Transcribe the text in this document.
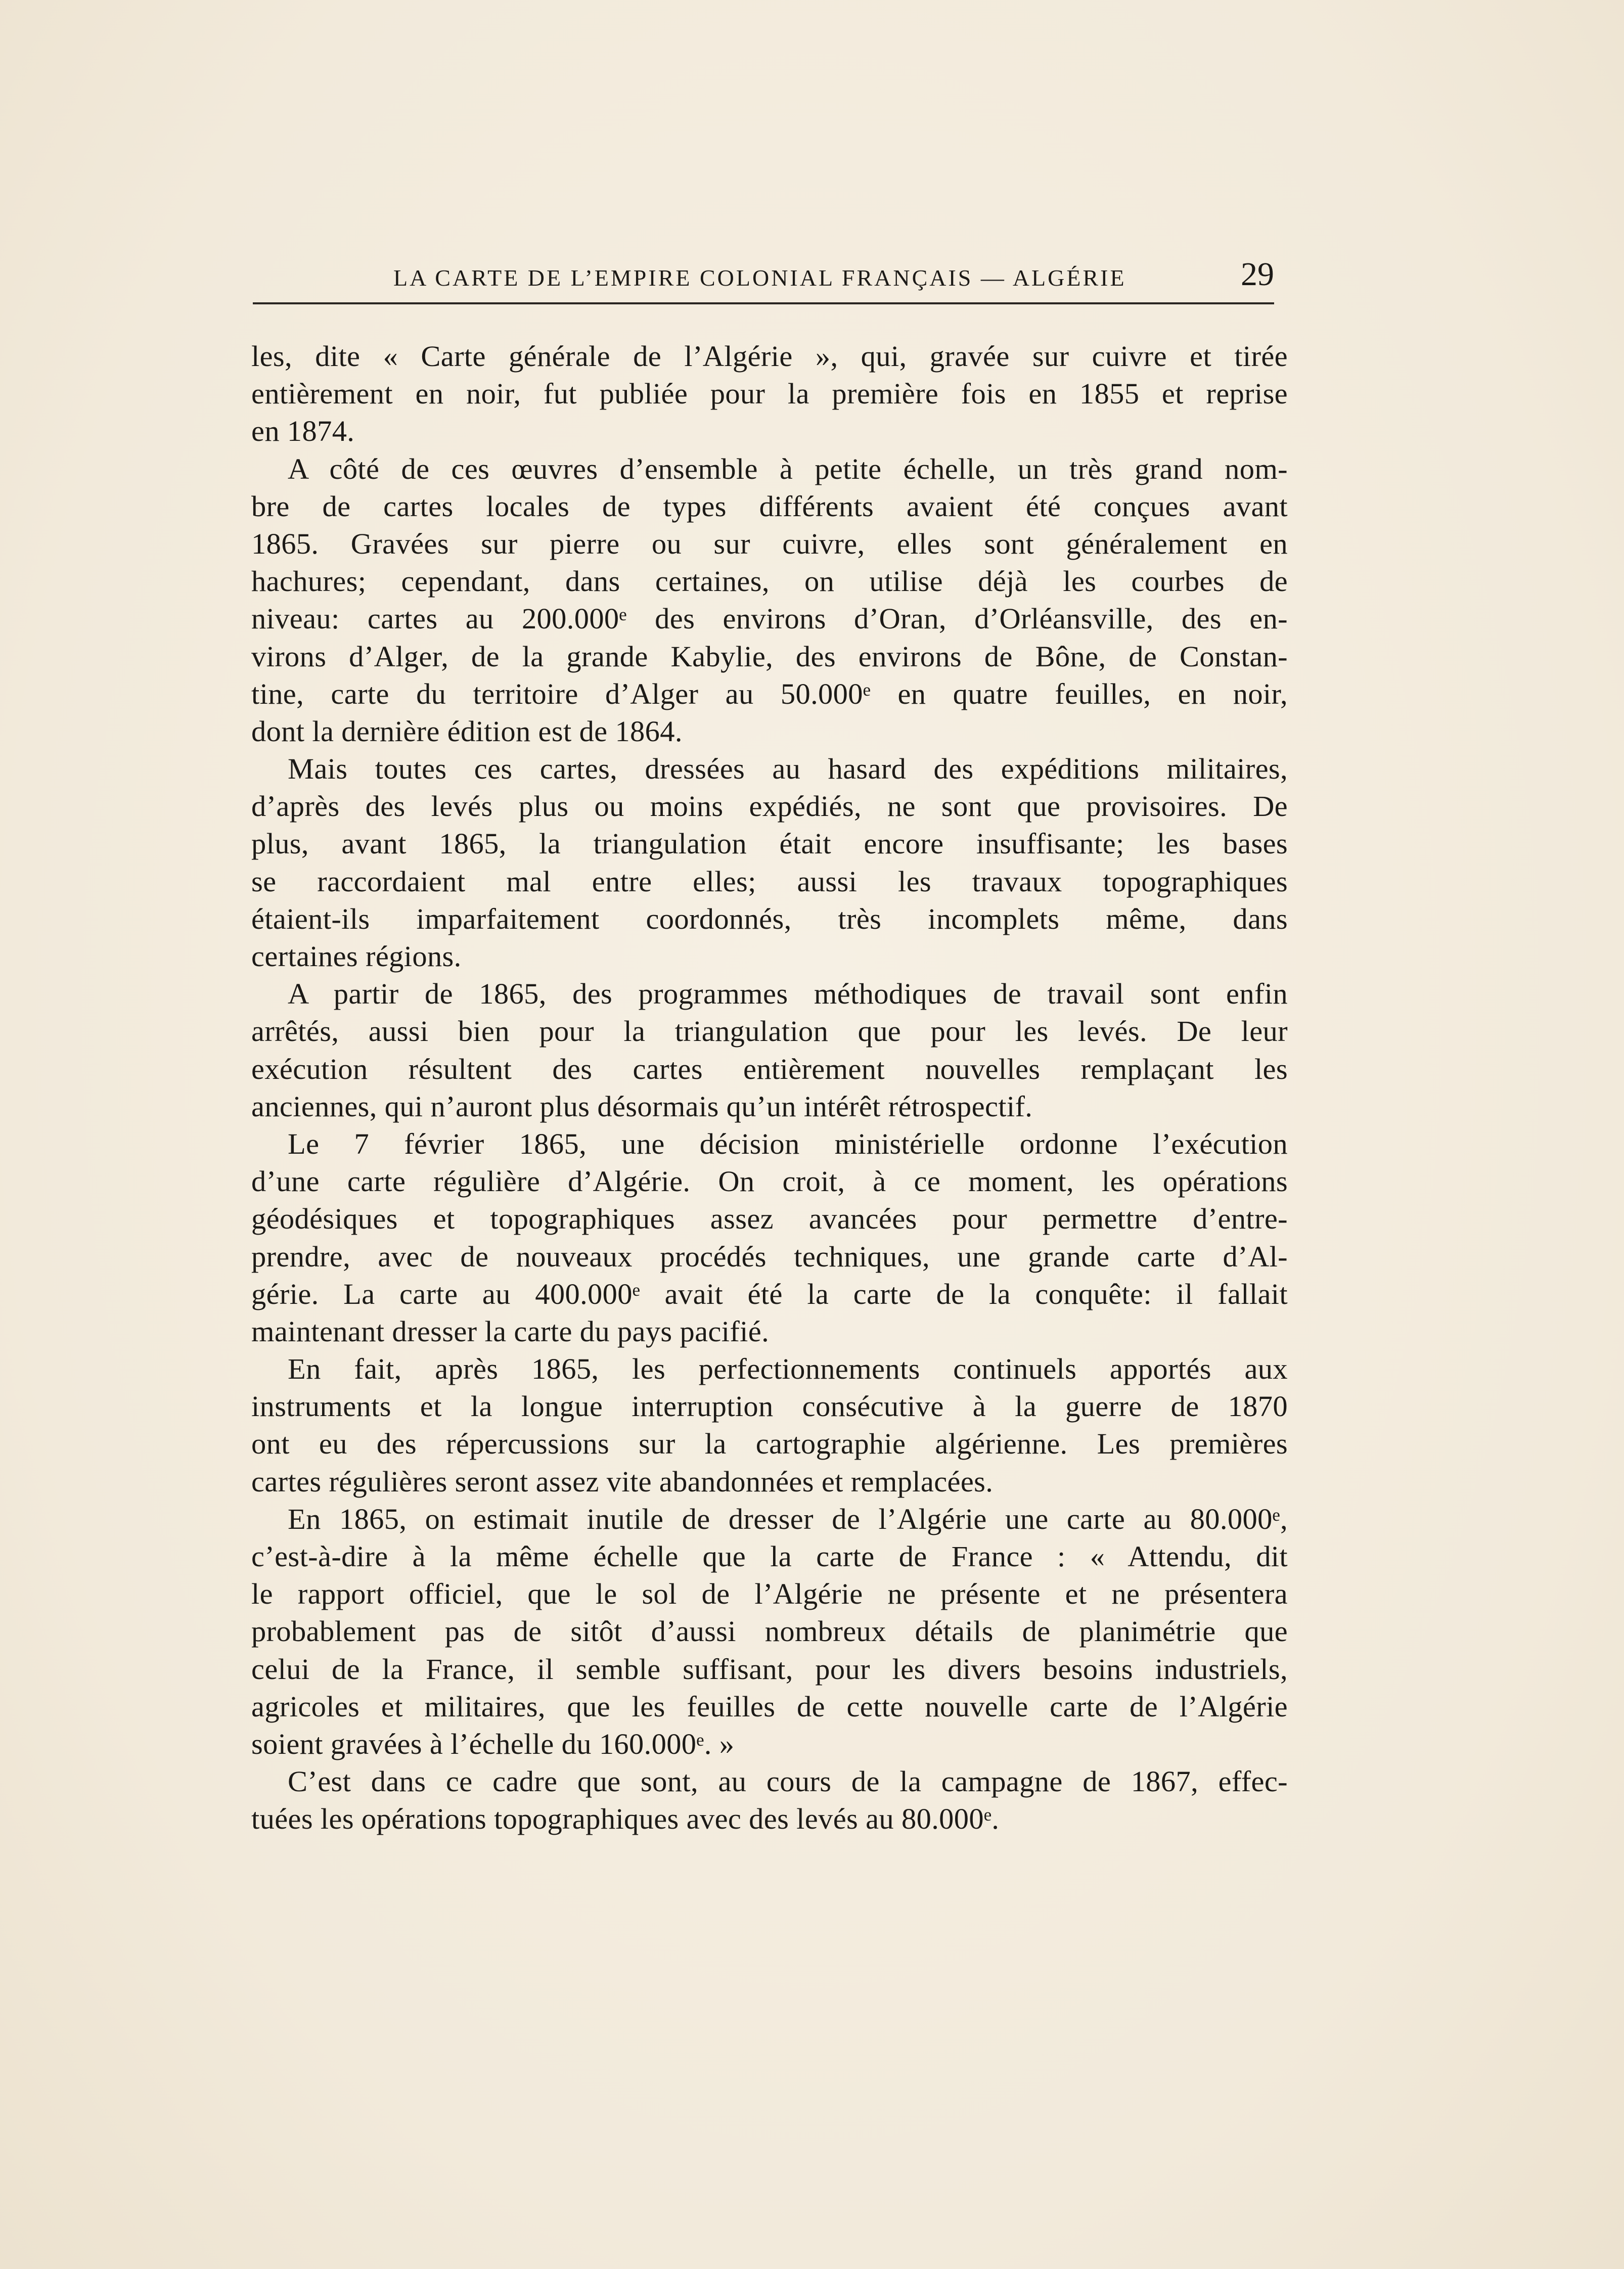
LA CARTE DE L’EMPIRE COLONIAL FRANÇAIS — ALGÉRIE	29
les, dite « Carte générale de l’Algérie », qui, gravée sur cuivre et tirée
entièrement en noir, fut publiée pour la première fois en 1855 et reprise
en 1874.
A côté de ces œuvres d’ensemble à petite échelle, un très grand nom-
bre de cartes locales de types différents avaient été conçues avant
1865. Gravées sur pierre ou sur cuivre, elles sont généralement en
hachures; cependant, dans certaines, on utilise déjà les courbes de
niveau: cartes au 200.000ᵉ des environs d’Oran, d’Orléansville, des en-
virons d’Alger, de la grande Kabylie, des environs de Bône, de Constan-
tine, carte du territoire d’Alger au 50.000ᵉ en quatre feuilles, en noir,
dont la dernière édition est de 1864.
Mais toutes ces cartes, dressées au hasard des expéditions militaires,
d’après des levés plus ou moins expédiés, ne sont que provisoires. De
plus, avant 1865, la triangulation était encore insuffisante; les bases
se raccordaient mal entre elles; aussi les travaux topographiques
étaient-ils imparfaitement coordonnés, très incomplets même, dans
certaines régions.
A partir de 1865, des programmes méthodiques de travail sont enfin
arrêtés, aussi bien pour la triangulation que pour les levés. De leur
exécution résultent des cartes entièrement nouvelles remplaçant les
anciennes, qui n’auront plus désormais qu’un intérêt rétrospectif.
Le 7 février 1865, une décision ministérielle ordonne l’exécution
d’une carte régulière d’Algérie. On croit, à ce moment, les opérations
géodésiques et topographiques assez avancées pour permettre d’entre-
prendre, avec de nouveaux procédés techniques, une grande carte d’Al-
gérie. La carte au 400.000ᵉ avait été la carte de la conquête: il fallait
maintenant dresser la carte du pays pacifié.
En fait, après 1865, les perfectionnements continuels apportés aux
instruments et la longue interruption consécutive à la guerre de 1870
ont eu des répercussions sur la cartographie algérienne. Les premières
cartes régulières seront assez vite abandonnées et remplacées.
En 1865, on estimait inutile de dresser de l’Algérie une carte au 80.000ᵉ,
c’est-à-dire à la même échelle que la carte de France : « Attendu, dit
le rapport officiel, que le sol de l’Algérie ne présente et ne présentera
probablement pas de sitôt d’aussi nombreux détails de planimétrie que
celui de la France, il semble suffisant, pour les divers besoins industriels,
agricoles et militaires, que les feuilles de cette nouvelle carte de l’Algérie
soient gravées à l’échelle du 160.000ᵉ. »
C’est dans ce cadre que sont, au cours de la campagne de 1867, effec-
tuées les opérations topographiques avec des levés au 80.000ᵉ.
